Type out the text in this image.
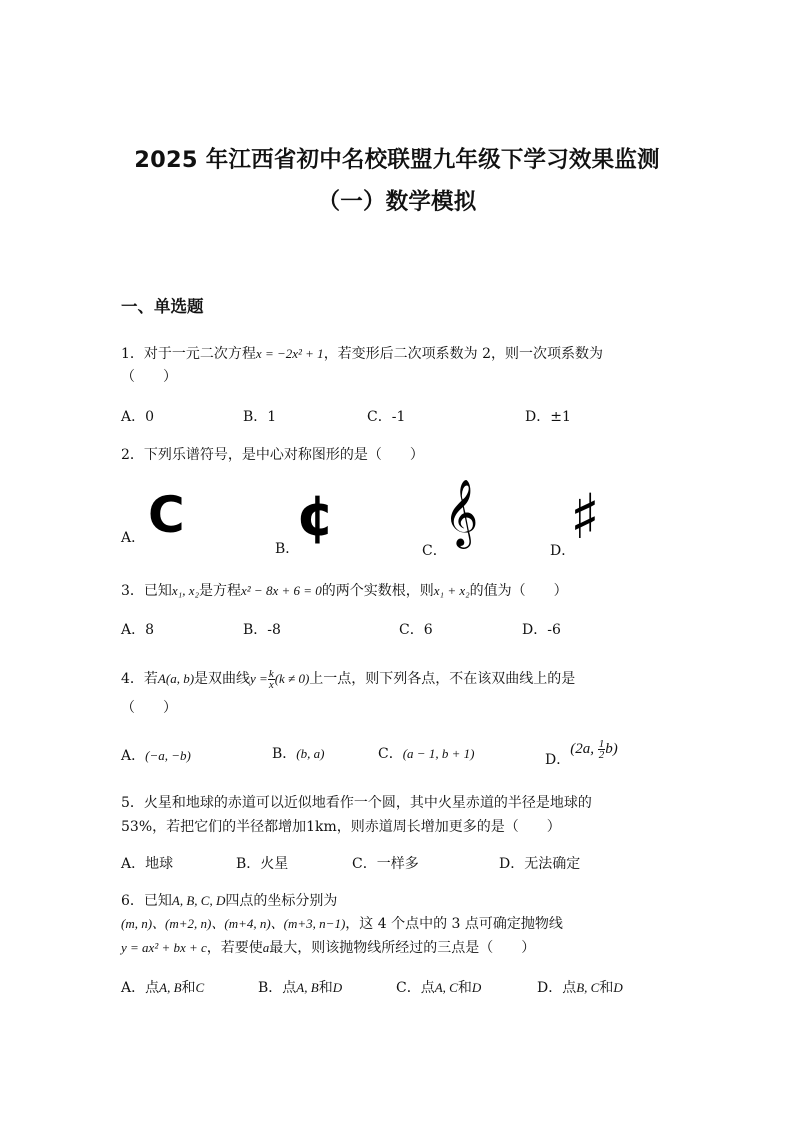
2025 年江西省初中名校联盟九年级下学习效果监测
（一）数学模拟
一、单选题
1．对于一元二次方程x = −2x² + 1，若变形后二次项系数为 2，则一次项系数为
（　　）
A．0	B．1	C．-1	D．±1
2．下列乐谱符号，是中心对称图形的是（　　）
A． C
B．
¢
C．
𝄞
D．
♯
3．已知x₁, x₂是方程x² − 8x + 6 = 0的两个实数根，则x₁ + x₂的值为（　　）
A．8	B．-8	C．6	D．-6
4．若A(a, b)是双曲线$y = \frac{k}{x} (k \ne 0)$上一点，则下列各点，不在该双曲线上的是
（　　）
A．(−a, −b)	B．(b, a)	C．(a − 1, b + 1)	D．(2a, $\frac{1}{2} b$)
5．火星和地球的赤道可以近似地看作一个圆，其中火星赤道的半径是地球的
53%，若把它们的半径都增加1km，则赤道周长增加更多的是（　　）
A．地球	B．火星	C．一样多	D．无法确定
6．已知A, B, C, D四点的坐标分别为
(m, n)、(m+2, n)、(m+4, n)、(m+3, n−1)，这 4 个点中的 3 点可确定抛物线
y = ax² + bx + c，若要使a最大，则该抛物线所经过的三点是（　　）
A．点A, B和C	B．点A, B和D	C．点A, C和D	D．点B, C和D
